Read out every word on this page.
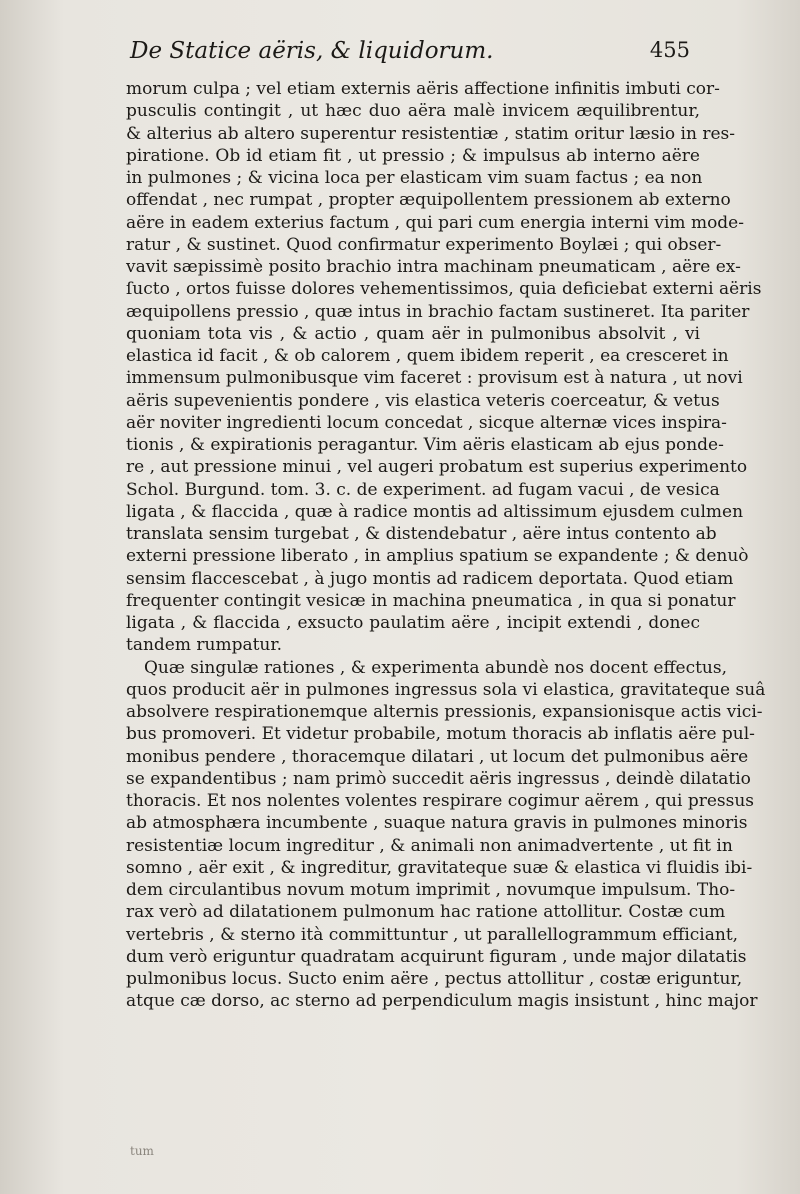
De Statice aëris, & liquidorum.	455
morum culpa ; vel etiam externis aëris affectione infinitis imbuti cor-
pusculis contingit , ut hæc duo aëra malè invicem æquilibrentur,
& alterius ab altero superentur resistentiæ , statim oritur læsio in res-
piratione. Ob id etiam fit , ut pressio ; & impulsus ab interno aëre
in pulmones ; & vicina loca per elasticam vim suam factus ; ea non
offendat , nec rumpat , propter æquipollentem pressionem ab externo
aëre in eadem exterius factum , qui pari cum energia interni vim mode-
ratur , & sustinet. Quod confirmatur experimento Boylæi ; qui obser-
vavit sæpissimè posito brachio intra machinam pneumaticam , aëre ex-
ſucto , ortos fuisse dolores vehementissimos, quia deficiebat externi aëris
æquipollens pressio , quæ intus in brachio factam sustineret. Ita pariter
quoniam tota vis , & actio , quam aër in pulmonibus absolvit , vi
elastica id facit , & ob calorem , quem ibidem reperit , ea cresceret in
immensum pulmonibusque vim faceret : provisum est à natura , ut novi
aëris supevenientis pondere , vis elastica veteris coerceatur, & vetus
aër noviter ingredienti locum concedat , sicque alternæ vices inspira-
tionis , & expirationis peragantur. Vim aëris elasticam ab ejus ponde-
re , aut pressione minui , vel augeri probatum est superius experimento
Schol. Burgund. tom. 3. c. de experiment. ad fugam vacui , de vesica
ligata , & flaccida , quæ à radice montis ad altissimum ejusdem culmen
translata sensim turgebat , & distendebatur , aëre intus contento ab
externi pressione liberato , in amplius spatium se expandente ; & denuò
sensim flaccescebat , à jugo montis ad radicem deportata. Quod etiam
frequenter contingit vesicæ in machina pneumatica , in qua si ponatur
ligata , & flaccida , exsucto paulatim aëre , incipit extendi , donec
tandem rumpatur.
Quæ singulæ rationes , & experimenta abundè nos docent effectus,
quos producit aër in pulmones ingressus sola vi elastica, gravitateque suâ
absolvere respirationemque alternis pressionis, expansionisque actis vici-
bus promoveri. Et videtur probabile, motum thoracis ab inflatis aëre pul-
monibus pendere , thoracemque dilatari , ut locum det pulmonibus aëre
se expandentibus ; nam primò succedit aëris ingressus , deindè dilatatio
thoracis. Et nos nolentes volentes respirare cogimur aërem , qui pressus
ab atmosphæra incumbente , suaque natura gravis in pulmones minoris
resistentiæ locum ingreditur , & animali non animadvertente , ut fit in
somno , aër exit , & ingreditur, gravitateque suæ & elastica vi fluidis ibi-
dem circulantibus novum motum imprimit , novumque impulsum. Tho-
rax verò ad dilatationem pulmonum hac ratione attollitur. Costæ cum
vertebris , & sterno ità committuntur , ut parallellogrammum efficiant,
dum verò eriguntur quadratam acquirunt figuram , unde major dilatatis
pulmonibus locus. Sucto enim aëre , pectus attollitur , costæ eriguntur,
atque cæ dorso, ac sterno ad perpendiculum magis insistunt , hinc major
tum
